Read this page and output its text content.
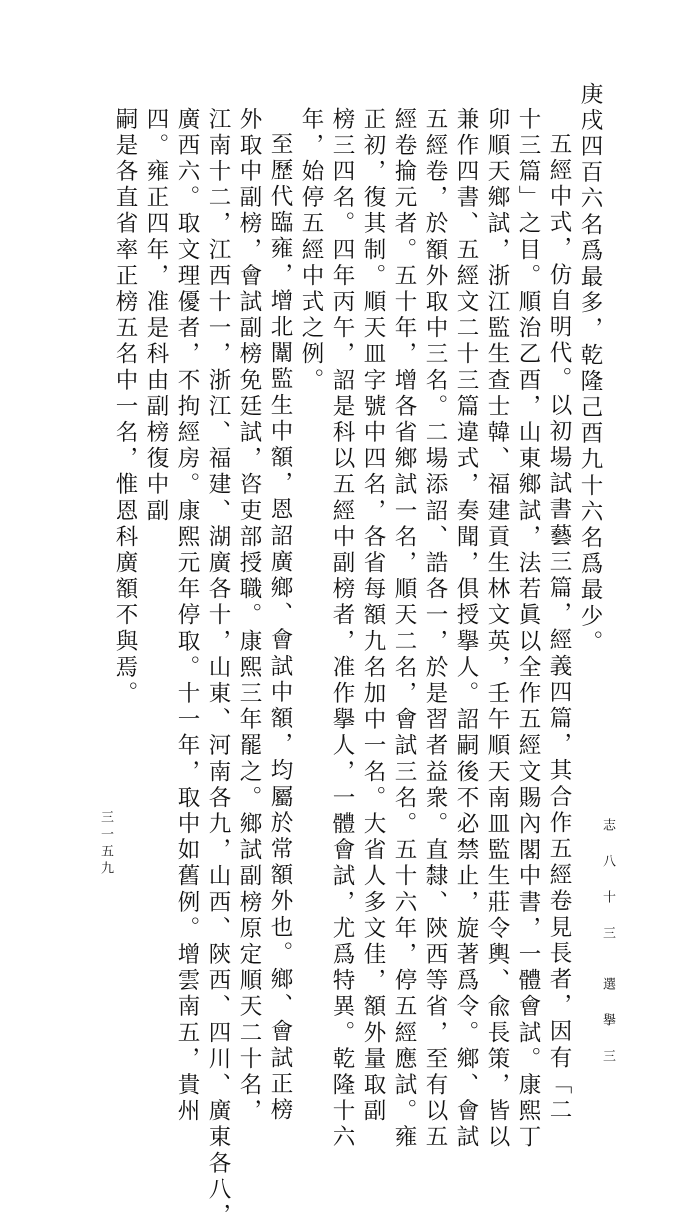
庚戌四百六名爲最多，乾隆己酉九十六名爲最少。
五經中式，仿自明代。以初場試書藝三篇，經義四篇，其合作五經卷見長者，因有「二
十三篇」之目。順治乙酉，山東鄉試，法若眞以全作五經文賜內閣中書，一體會試。康熙丁
卯順天鄉試，浙江監生查士韓、福建貢生林文英，壬午順天南皿監生莊令輿、兪長策，皆以
兼作四書、五經文二十三篇違式，奏聞，俱授擧人。詔嗣後不必禁止，旋著爲令。鄉、會試
五經卷，於額外取中三名。二場添詔、誥各一，於是習者益衆。直隸、陝西等省，至有以五
經卷掄元者。五十年，增各省鄉試一名，順天二名，會試三名。五十六年，停五經應試。雍
正初，復其制。順天皿字號中四名，各省每額九名加中一名。大省人多文佳，額外量取副
榜三四名。四年丙午，詔是科以五經中副榜者，准作擧人，一體會試，尤爲特異。乾隆十六
年，始停五經中式之例。
至歷代臨雍，增北闈監生中額，恩詔廣鄉、會試中額，均屬於常額外也。鄉、會試正榜
外取中副榜，會試副榜免廷試，咨吏部授職。康熙三年罷之。鄉試副榜原定順天二十名，
江南十二，江西十一，浙江、福建、湖廣各十，山東、河南各九，山西、陝西、四川、廣東各八，
廣西六。取文理優者，不拘經房。康熙元年停取。十一年，取中如舊例。增雲南五，貴州
四。雍正四年，准是科由副榜復中副
嗣是各直省率正榜五名中一名，惟恩科廣額不與焉。
三一五九	志 八 十 三　　選 擧 三
